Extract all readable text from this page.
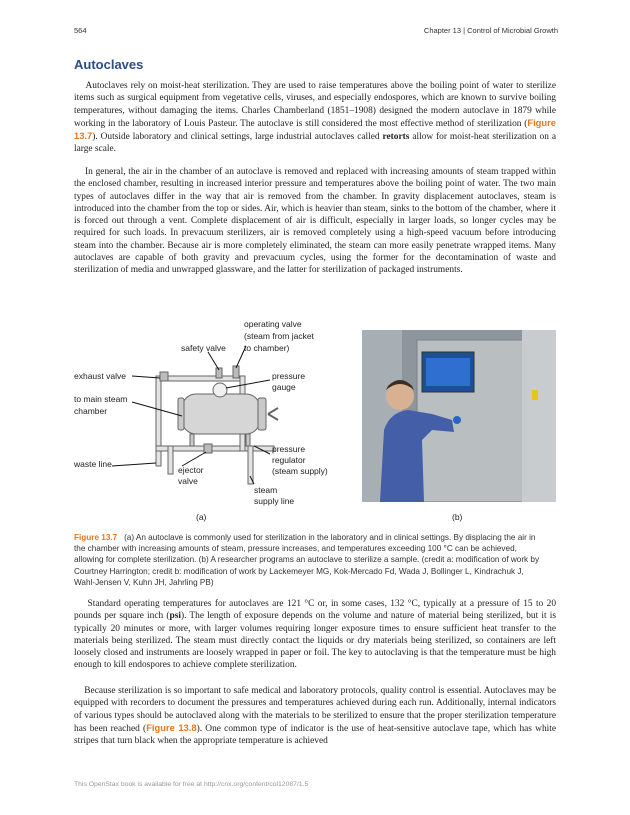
564	Chapter 13 | Control of Microbial Growth
Autoclaves

Autoclaves rely on moist-heat sterilization. They are used to raise temperatures above the boiling point of water to sterilize items such as surgical equipment from vegetative cells, viruses, and especially endospores, which are known to survive boiling temperatures, without damaging the items. Charles Chamberland (1851–1908) designed the modern autoclave in 1879 while working in the laboratory of Louis Pasteur. The autoclave is still considered the most effective method of sterilization (Figure 13.7). Outside laboratory and clinical settings, large industrial autoclaves called retorts allow for moist-heat sterilization on a large scale.

In general, the air in the chamber of an autoclave is removed and replaced with increasing amounts of steam trapped within the enclosed chamber, resulting in increased interior pressure and temperatures above the boiling point of water. The two main types of autoclaves differ in the way that air is removed from the chamber. In gravity displacement autoclaves, steam is introduced into the chamber from the top or sides. Air, which is heavier than steam, sinks to the bottom of the chamber, where it is forced out through a vent. Complete displacement of air is difficult, especially in larger loads, so longer cycles may be required for such loads. In prevacuum sterilizers, air is removed completely using a high-speed vacuum before introducing steam into the chamber. Because air is more completely eliminated, the steam can more easily penetrate wrapped items. Many autoclaves are capable of both gravity and prevacuum cycles, using the former for the decontamination of waste and sterilization of media and unwrapped glassware, and the latter for sterilization of packaged instruments.

operating valve
(steam from jacket
to chamber)
safety valve
exhaust valve	pressure
gauge
to main steam
chamber
pressure
regulator
(steam supply)
waste line
ejector
valve
steam
supply line
(a)	(b)

Figure 13.7 (a) An autoclave is commonly used for sterilization in the laboratory and in clinical settings. By displacing the air in the chamber with increasing amounts of steam, pressure increases, and temperatures exceeding 100 °C can be achieved, allowing for complete sterilization. (b) A researcher programs an autoclave to sterilize a sample. (credit a: modification of work by Courtney Harrington; credit b: modification of work by Lackemeyer MG, Kok-Mercado Fd, Wada J, Bollinger L, Kindrachuk J, Wahl-Jensen V, Kuhn JH, Jahrling PB)

Standard operating temperatures for autoclaves are 121 °C or, in some cases, 132 °C, typically at a pressure of 15 to 20 pounds per square inch (psi). The length of exposure depends on the volume and nature of material being sterilized, but it is typically 20 minutes or more, with larger volumes requiring longer exposure times to ensure sufficient heat transfer to the materials being sterilized. The steam must directly contact the liquids or dry materials being sterilized, so containers are left loosely closed and instruments are loosely wrapped in paper or foil. The key to autoclaving is that the temperature must be high enough to kill endospores to achieve complete sterilization.

Because sterilization is so important to safe medical and laboratory protocols, quality control is essential. Autoclaves may be equipped with recorders to document the pressures and temperatures achieved during each run. Additionally, internal indicators of various types should be autoclaved along with the materials to be sterilized to ensure that the proper sterilization temperature has been reached (Figure 13.8). One common type of indicator is the use of heat-sensitive autoclave tape, which has white stripes that turn black when the appropriate temperature is achieved

This OpenStax book is available for free at http://cnx.org/content/col12087/1.5
